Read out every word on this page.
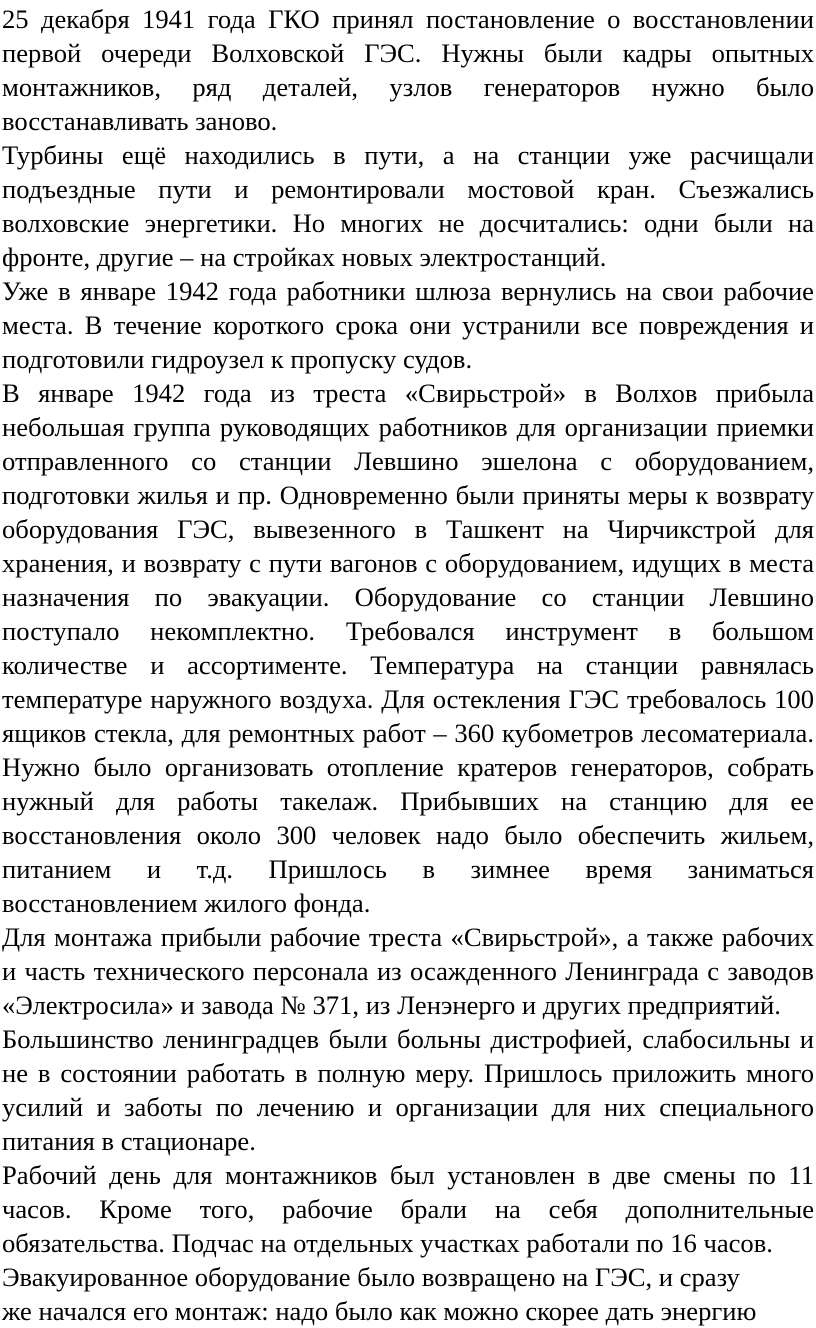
25 декабря 1941 года ГКО принял постановление о восстановлении первой очереди Волховской ГЭС. Нужны были кадры опытных монтажников, ряд деталей, узлов генераторов нужно было восстанавливать заново.

Турбины ещё находились в пути, а на станции уже расчищали подъездные пути и ремонтировали мостовой кран. Съезжались волховские энергетики. Но многих не досчитались: одни были на фронте, другие – на стройках новых электростанций.

Уже в январе 1942 года работники шлюза вернулись на свои рабочие места. В течение короткого срока они устранили все повреждения и подготовили гидроузел к пропуску судов.

В январе 1942 года из треста «Свирьстрой» в Волхов прибыла небольшая группа руководящих работников для организации приемки отправленного со станции Левшино эшелона с оборудованием, подготовки жилья и пр. Одновременно были приняты меры к возврату оборудования ГЭС, вывезенного в Ташкент на Чирчикстрой для хранения, и возврату с пути вагонов с оборудованием, идущих в места назначения по эвакуации. Оборудование со станции Левшино поступало некомплектно. Требовался инструмент в большом количестве и ассортименте. Температура на станции равнялась температуре наружного воздуха. Для остекления ГЭС требовалось 100 ящиков стекла, для ремонтных работ – 360 кубометров лесоматериала. Нужно было организовать отопление кратеров генераторов, собрать нужный для работы такелаж. Прибывших на станцию для ее восстановления около 300 человек надо было обеспечить жильем, питанием и т.д. Пришлось в зимнее время заниматься восстановлением жилого фонда.

Для монтажа прибыли рабочие треста «Свирьстрой», а также рабочих и часть технического персонала из осажденного Ленинграда с заводов «Электросила» и завода № 371, из Ленэнерго и других предприятий.

Большинство ленинградцев были больны дистрофией, слабосильны и не в состоянии работать в полную меру. Пришлось приложить много усилий и заботы по лечению и организации для них специального питания в стационаре.

Рабочий день для монтажников был установлен в две смены по 11 часов. Кроме того, рабочие брали на себя дополнительные обязательства. Подчас на отдельных участках работали по 16 часов.

Эвакуированное оборудование было возвращено на ГЭС, и сразу

же начался его монтаж: надо было как можно скорее дать энергию
